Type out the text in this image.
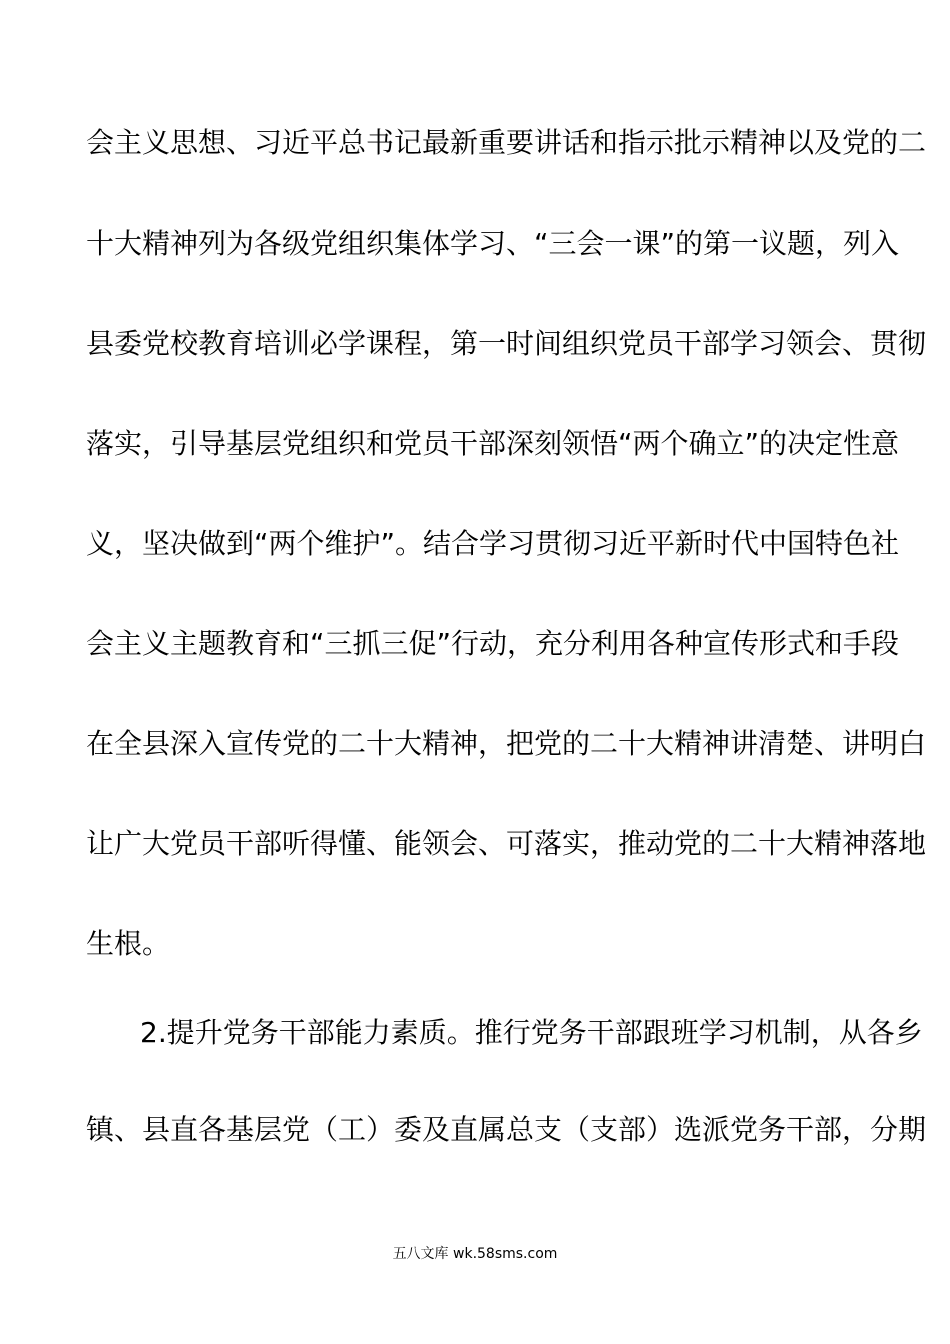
会主义思想、习近平总书记最新重要讲话和指示批示精神以及党的二
十大精神列为各级党组织集体学习、“三会一课”的第一议题，列入
县委党校教育培训必学课程，第一时间组织党员干部学习领会、贯彻
落实，引导基层党组织和党员干部深刻领悟“两个确立”的决定性意
义，坚决做到“两个维护”。结合学习贯彻习近平新时代中国特色社
会主义主题教育和“三抓三促”行动，充分利用各种宣传形式和手段
在全县深入宣传党的二十大精神，把党的二十大精神讲清楚、讲明白
让广大党员干部听得懂、能领会、可落实，推动党的二十大精神落地
生根。
2.提升党务干部能力素质。推行党务干部跟班学习机制，从各乡
镇、县直各基层党（工）委及直属总支（支部）选派党务干部，分期
五八文库 wk.58sms.com
